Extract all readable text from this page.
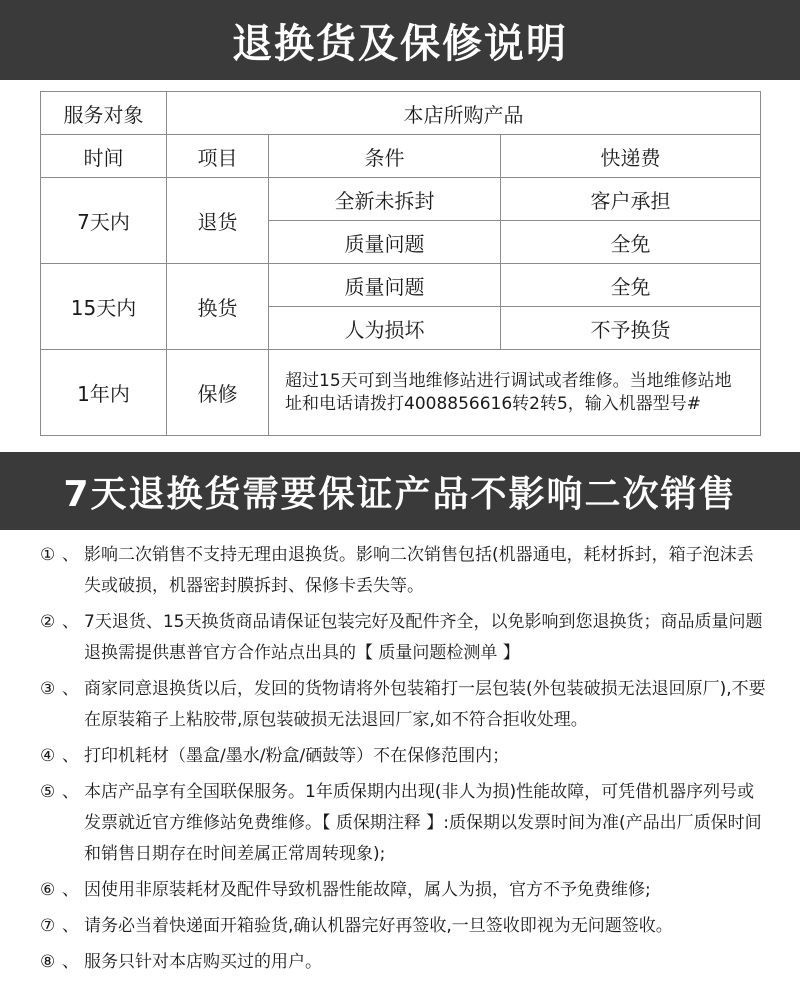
退换货及保修说明
服务对象	本店所购产品		
时间	项目	条件	快递费
7天内	退货	全新未拆封	客户承担
		质量问题	全免
15天内	换货	质量问题	全免
		人为损坏	不予换货
1年内	保修	超过15天可到当地维修站进行调试或者维修。当地维修站地址和电话请拨打4008856616转2转5，输入机器型号#	
7天退换货需要保证产品不影响二次销售
① 、 影响二次销售不支持无理由退换货。影响二次销售包括(机器通电，耗材拆封，箱子泡沫丢失或破损，机器密封膜拆封、保修卡丢失等。
② 、 7天退货、15天换货商品请保证包装完好及配件齐全，以免影响到您退换货；商品质量问题退换需提供惠普官方合作站点出具的【 质量问题检测单 】
③ 、 商家同意退换货以后，发回的货物请将外包装箱打一层包装(外包装破损无法退回原厂),不要在原装箱子上粘胶带,原包装破损无法退回厂家,如不符合拒收处理。
④ 、 打印机耗材（墨盒/墨水/粉盒/硒鼓等）不在保修范围内；
⑤ 、 本店产品享有全国联保服务。1年质保期内出现(非人为损)性能故障，可凭借机器序列号或发票就近官方维修站免费维修。【 质保期注释 】:质保期以发票时间为准(产品出厂质保时间和销售日期存在时间差属正常周转现象);
⑥ 、 因使用非原装耗材及配件导致机器性能故障，属人为损，官方不予免费维修;
⑦ 、 请务必当着快递面开箱验货,确认机器完好再签收,一旦签收即视为无问题签收。
⑧ 、 服务只针对本店购买过的用户。
